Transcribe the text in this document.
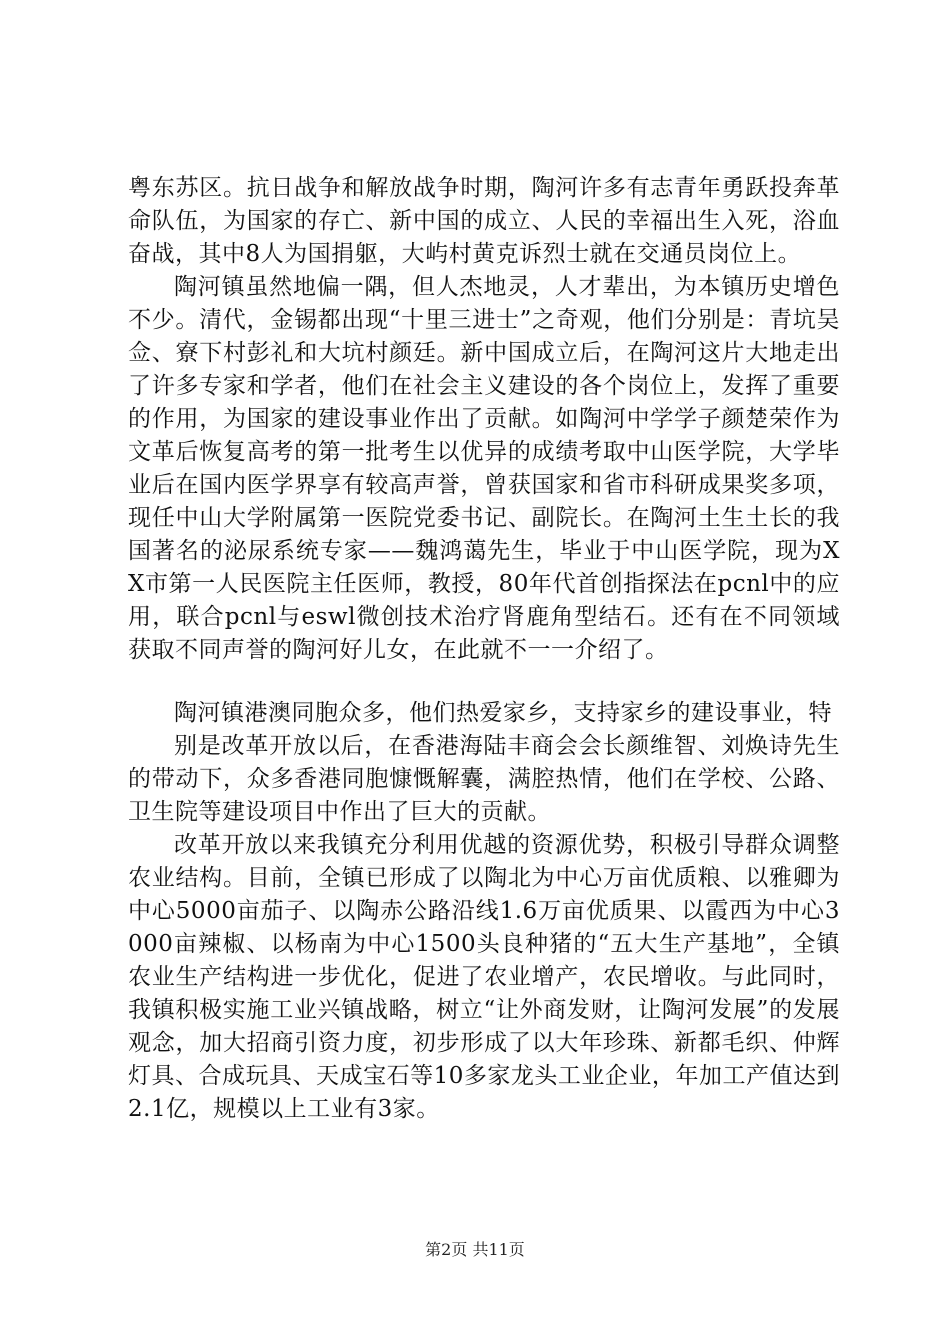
粤东苏区。抗日战争和解放战争时期，陶河许多有志青年勇跃投奔革命队伍，为国家的存亡、新中国的成立、人民的幸福出生入死，浴血奋战，其中8人为国捐躯，大屿村黄克诉烈士就在交通员岗位上。

陶河镇虽然地偏一隅，但人杰地灵，人才辈出，为本镇历史增色不少。清代，金锡都出现“十里三进士”之奇观，他们分别是：青坑吴佥、寮下村彭礼和大坑村颜廷。新中国成立后，在陶河这片大地走出了许多专家和学者，他们在社会主义建设的各个岗位上，发挥了重要的作用，为国家的建设事业作出了贡献。如陶河中学学子颜楚荣作为文革后恢复高考的第一批考生以优异的成绩考取中山医学院，大学毕业后在国内医学界享有较高声誉，曾获国家和省市科研成果奖多项，现任中山大学附属第一医院党委书记、副院长。在陶河土生土长的我国著名的泌尿系统专家——魏鸿蔼先生，毕业于中山医学院，现为XX市第一人民医院主任医师，教授，80年代首创指探法在pcnl中的应用，联合pcnl与eswl微创技术治疗肾鹿角型结石。还有在不同领域获取不同声誉的陶河好儿女，在此就不一一介绍了。

陶河镇港澳同胞众多，他们热爱家乡，支持家乡的建设事业，特

别是改革开放以后，在香港海陆丰商会会长颜维智、刘焕诗先生的带动下，众多香港同胞慷慨解囊，满腔热情，他们在学校、公路、卫生院等建设项目中作出了巨大的贡献。

改革开放以来我镇充分利用优越的资源优势，积极引导群众调整农业结构。目前，全镇已形成了以陶北为中心万亩优质粮、以雅卿为中心5000亩茄子、以陶赤公路沿线1.6万亩优质果、以霞西为中心3000亩辣椒、以杨南为中心1500头良种猪的“五大生产基地”，全镇农业生产结构进一步优化，促进了农业增产，农民增收。与此同时，我镇积极实施工业兴镇战略，树立“让外商发财，让陶河发展”的发展观念，加大招商引资力度，初步形成了以大年珍珠、新都毛织、仲辉灯具、合成玩具、天成宝石等10多家龙头工业企业，年加工产值达到2.1亿，规模以上工业有3家。

第2页 共11页
